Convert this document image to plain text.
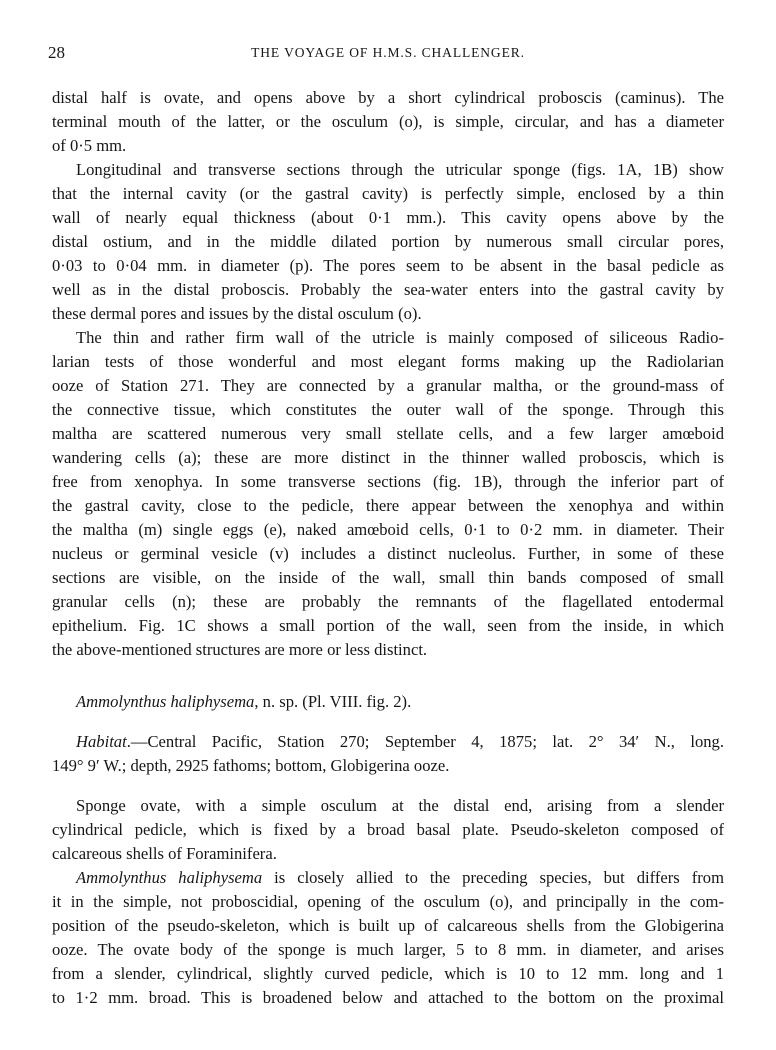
28	THE VOYAGE OF H.M.S. CHALLENGER.
distal half is ovate, and opens above by a short cylindrical proboscis (caminus). The
terminal mouth of the latter, or the osculum (o), is simple, circular, and has a diameter
of 0·5 mm.
Longitudinal and transverse sections through the utricular sponge (figs. 1A, 1B) show
that the internal cavity (or the gastral cavity) is perfectly simple, enclosed by a thin
wall of nearly equal thickness (about 0·1 mm.). This cavity opens above by the
distal ostium, and in the middle dilated portion by numerous small circular pores,
0·03 to 0·04 mm. in diameter (p). The pores seem to be absent in the basal pedicle as
well as in the distal proboscis. Probably the sea-water enters into the gastral cavity by
these dermal pores and issues by the distal osculum (o).
The thin and rather firm wall of the utricle is mainly composed of siliceous Radio-
larian tests of those wonderful and most elegant forms making up the Radiolarian
ooze of Station 271. They are connected by a granular maltha, or the ground-mass of
the connective tissue, which constitutes the outer wall of the sponge. Through this
maltha are scattered numerous very small stellate cells, and a few larger amœboid
wandering cells (a); these are more distinct in the thinner walled proboscis, which is
free from xenophya. In some transverse sections (fig. 1B), through the inferior part of
the gastral cavity, close to the pedicle, there appear between the xenophya and within
the maltha (m) single eggs (e), naked amœboid cells, 0·1 to 0·2 mm. in diameter. Their
nucleus or germinal vesicle (v) includes a distinct nucleolus. Further, in some of these
sections are visible, on the inside of the wall, small thin bands composed of small
granular cells (n); these are probably the remnants of the flagellated entodermal
epithelium. Fig. 1C shows a small portion of the wall, seen from the inside, in which
the above-mentioned structures are more or less distinct.
Ammolynthus haliphysema, n. sp. (Pl. VIII. fig. 2).
Habitat.—Central Pacific, Station 270; September 4, 1875; lat. 2° 34′ N., long.
149° 9′ W.; depth, 2925 fathoms; bottom, Globigerina ooze.
Sponge ovate, with a simple osculum at the distal end, arising from a slender
cylindrical pedicle, which is fixed by a broad basal plate. Pseudo-skeleton composed of
calcareous shells of Foraminifera.
Ammolynthus haliphysema is closely allied to the preceding species, but differs from
it in the simple, not proboscidial, opening of the osculum (o), and principally in the com-
position of the pseudo-skeleton, which is built up of calcareous shells from the Globigerina
ooze. The ovate body of the sponge is much larger, 5 to 8 mm. in diameter, and arises
from a slender, cylindrical, slightly curved pedicle, which is 10 to 12 mm. long and 1
to 1·2 mm. broad. This is broadened below and attached to the bottom on the proximal
